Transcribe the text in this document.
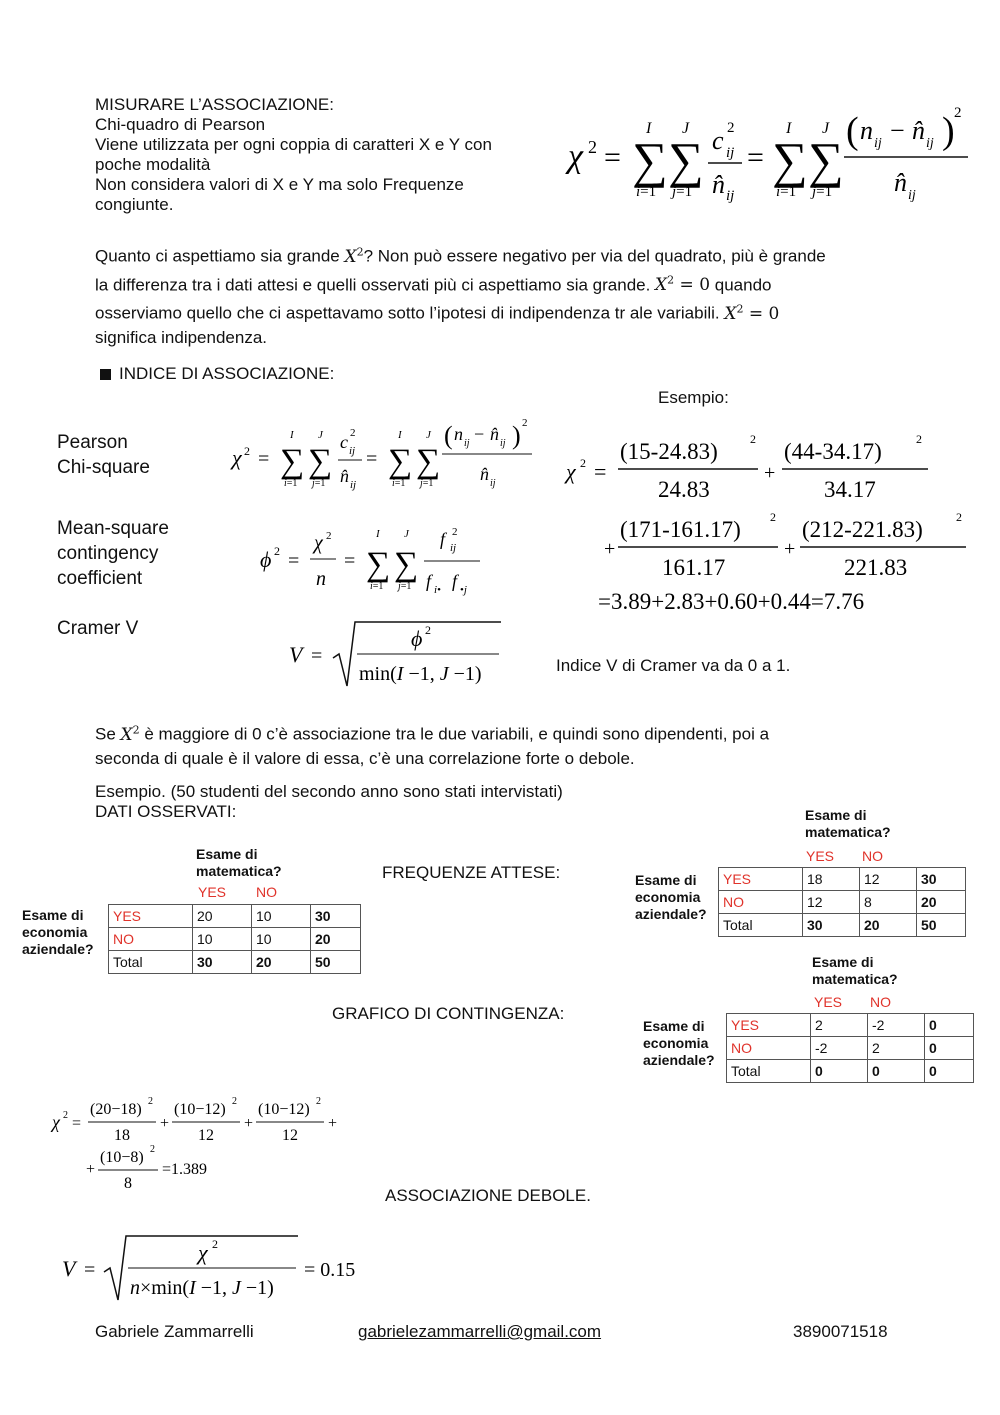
MISURARE L’ASSOCIAZIONE:
Chi-quadro di Pearson
Viene utilizzata per ogni coppia di caratteri X e Y con
poche modalità
Non considera valori di X e Y ma solo Frequenze
congiunte.
χ 2 = ∑
I
i=1
∑
J
j=1
c 2
ij
n̂ ij
= ∑
I
i=1
∑
J
j=1
( n ij − n̂ ij ) 2
n̂ ij
Quanto ci aspettiamo sia grande $X^2$? Non può essere negativo per via del quadrato, più è grande
la differenza tra i dati attesi e quelli osservati più ci aspettiamo sia grande. $X^2 = 0$ quando
osserviamo quello che ci aspettavamo sotto l’ipotesi di indipendenza tr ale variabili. $X^2 = 0$
significa indipendenza.
INDICE DI ASSOCIAZIONE:
Esempio:
Pearson
Chi-square
Mean-square
contingency
coefficient
Cramer V
χ 2 = ∑
I
i=1
∑
J
j=1
c 2
ij
n̂ ij
= ∑
I
i=1
∑
J
j=1
( n ij − n̂ ij ) 2
n̂ ij
ϕ 2 =
χ 2
n
= ∑
I
i=1
∑
J
j=1
f 2
ij
f i• f •j
V =
ϕ 2
min(I −1, J −1)	Indice V di Cramer va da 0 a 1.
χ 2 =
(15-24.83)	2
24.83
+
(44-34.17)	2
34.17
+
(171-161.17) 2
161.17
+
(212-221.83)	2
221.83
=3.89+2.83+0.60+0.44=7.76
Se $X^2$ è maggiore di 0 c’è associazione tra le due variabili, e quindi sono dipendenti, poi a
seconda di quale è il valore di essa, c’è una correlazione forte o debole.
Esempio. (50 studenti del secondo anno sono stati intervistati)
DATI OSSERVATI:
Esame di
matematica?
YES NO
Esame di
economia
aziendale?
YES	20	10	30
NO	10	10	20
Total	30	20	50
FREQUENZE ATTESE:
Esame di
matematica?
YES NO
Esame di
economia
aziendale?
YES	18	12	30
NO	12	8	20
Total	30	20	50
GRAFICO DI CONTINGENZA:
Esame di
matematica?
YES NO
Esame di
economia
aziendale?
YES	2	-2	0
NO	-2	2	0
Total	0	0	0
χ 2 =
(20−18) 2
18
+
(10−12) 2
12
+
(10−12) 2
12
+
+
(10−8) 2
8
=1.389
ASSOCIAZIONE DEBOLE.
V =
χ 2
n×min(I −1, J −1)
= 0.15
Gabriele Zammarrelli	gabrielezammarrelli@gmail.com	3890071518
